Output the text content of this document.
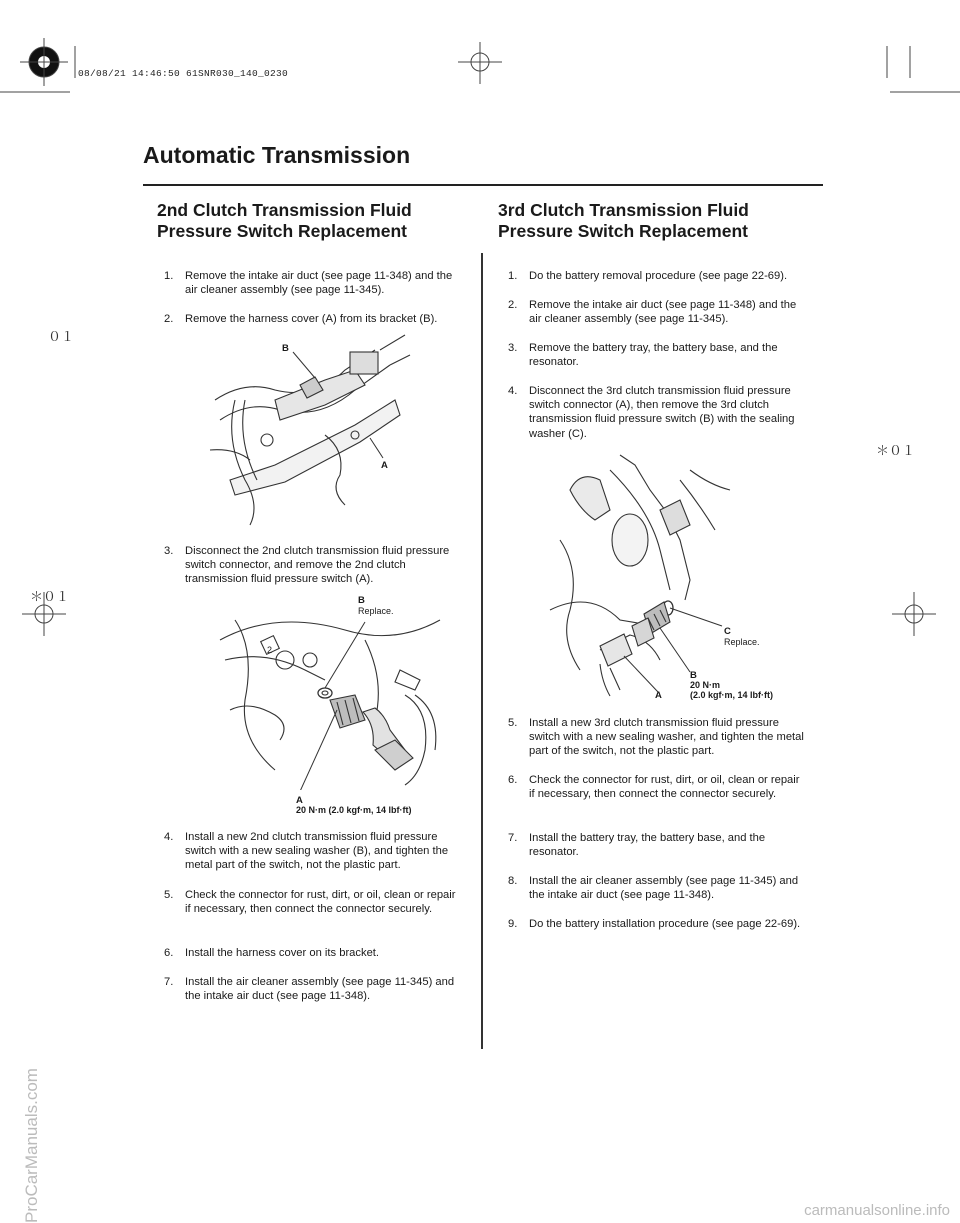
08/08/21 14:46:50 61SNR030_140_0230
Automatic Transmission
０１
＊０１
＊０１
2nd Clutch Transmission Fluid
Pressure Switch Replacement
1. Remove the intake air duct (see page 11-348) and the air cleaner assembly (see page 11-345).
2. Remove the harness cover (A) from its bracket (B).
B
A
3. Disconnect the 2nd clutch transmission fluid pressure switch connector, and remove the 2nd clutch transmission fluid pressure switch (A).
B
Replace.
2
A
20 N·m (2.0 kgf·m, 14 lbf·ft)
4. Install a new 2nd clutch transmission fluid pressure switch with a new sealing washer (B), and tighten the metal part of the switch, not the plastic part.
5. Check the connector for rust, dirt, or oil, clean or repair if necessary, then connect the connector securely.
6. Install the harness cover on its bracket.
7. Install the air cleaner assembly (see page 11-345) and the intake air duct (see page 11-348).
3rd Clutch Transmission Fluid
Pressure Switch Replacement
1. Do the battery removal procedure (see page 22-69).
2. Remove the intake air duct (see page 11-348) and the air cleaner assembly (see page 11-345).
3. Remove the battery tray, the battery base, and the resonator.
4. Disconnect the 3rd clutch transmission fluid pressure switch connector (A), then remove the 3rd clutch transmission fluid pressure switch (B) with the sealing washer (C).
C
Replace.
B
20 N·m
(2.0 kgf·m, 14 lbf·ft)
A
5. Install a new 3rd clutch transmission fluid pressure switch with a new sealing washer, and tighten the metal part of the switch, not the plastic part.
6. Check the connector for rust, dirt, or oil, clean or repair if necessary, then connect the connector securely.
7. Install the battery tray, the battery base, and the resonator.
8. Install the air cleaner assembly (see page 11-345) and the intake air duct (see page 11-348).
9. Do the battery installation procedure (see page 22-69).
ProCarManuals.com	carmanualsonline.info
